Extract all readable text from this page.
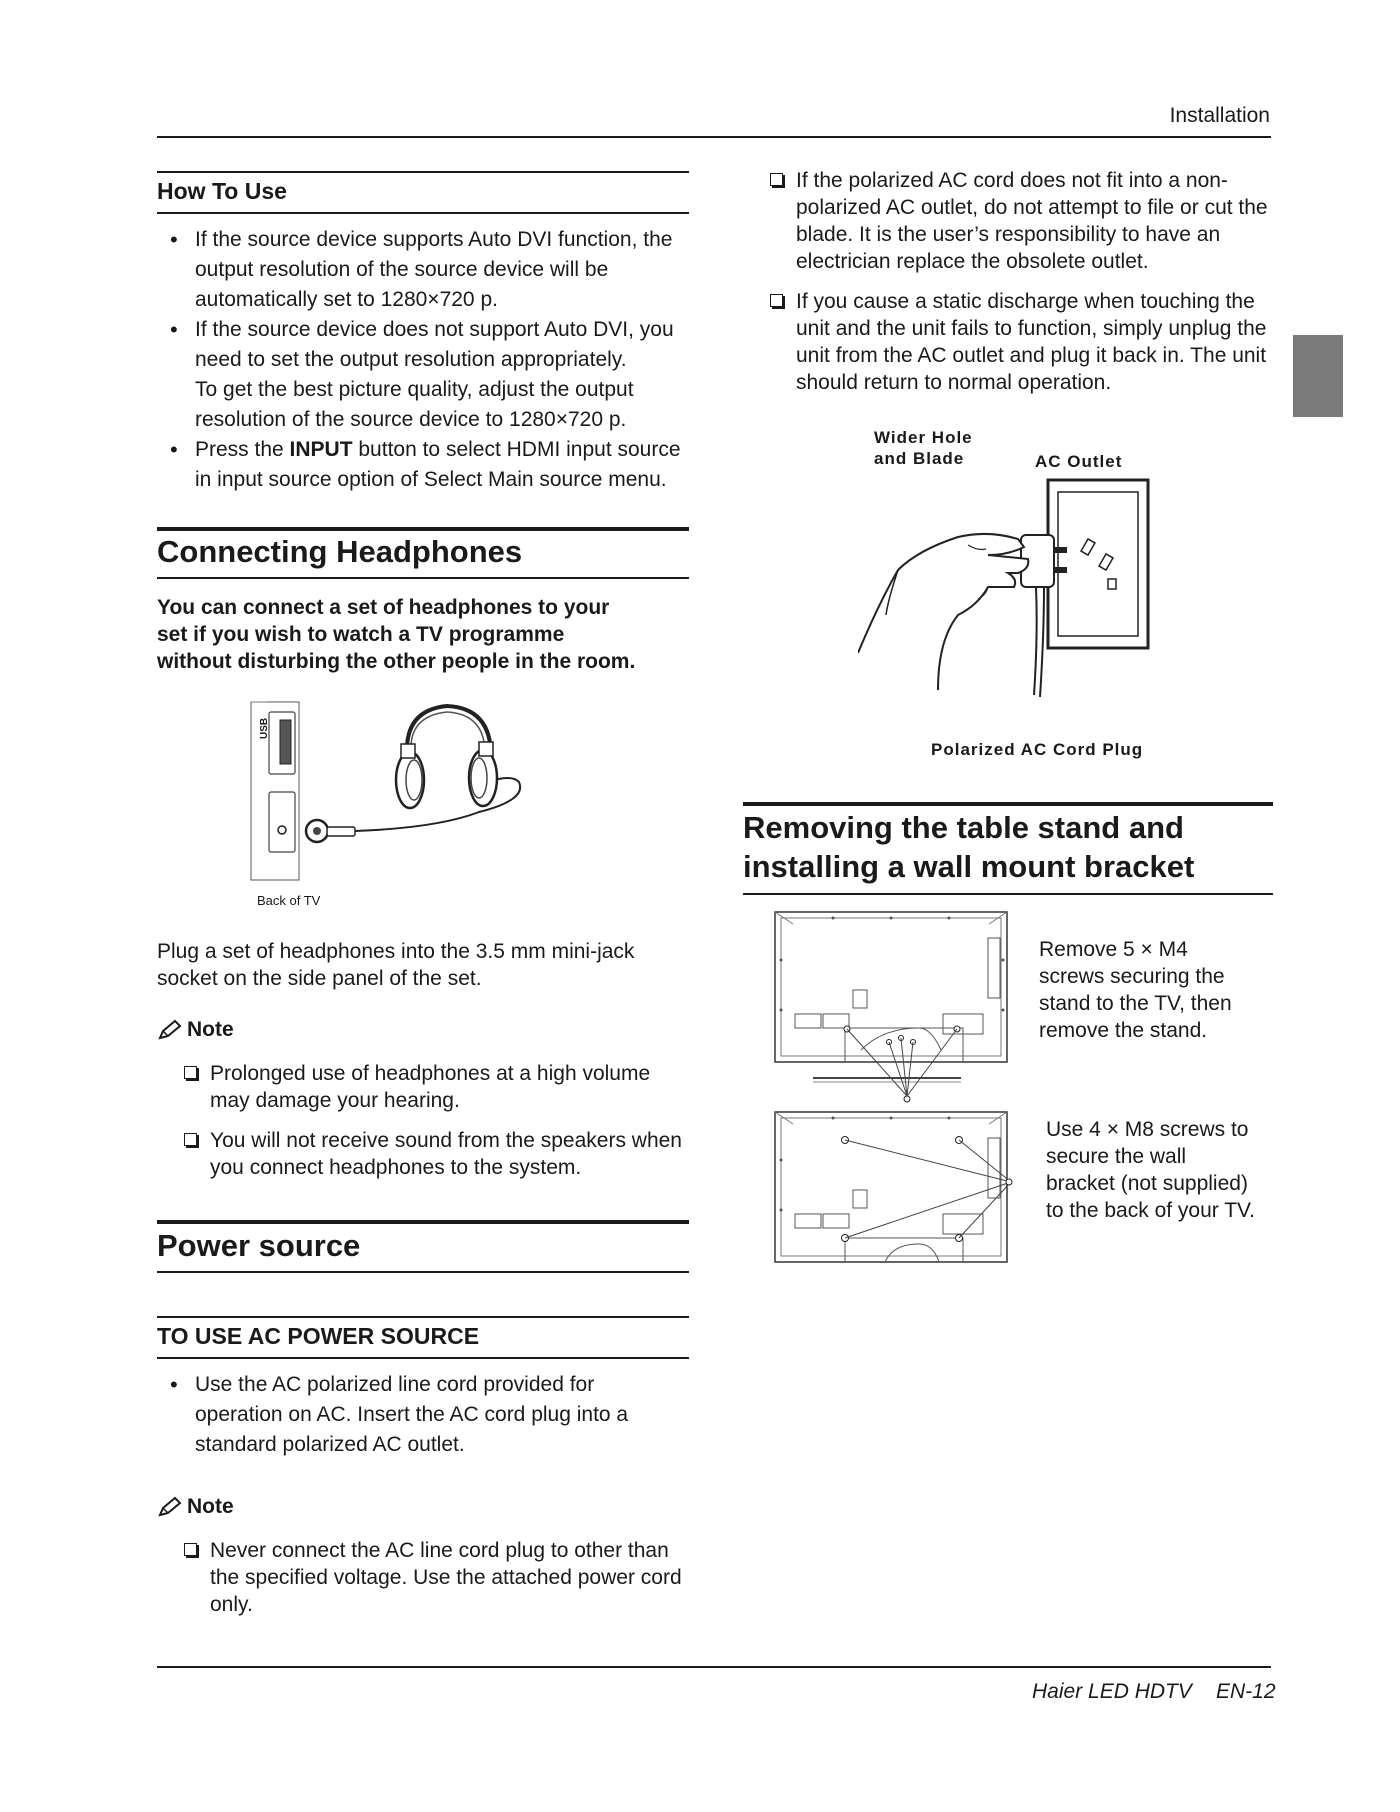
Installation
How To Use
• If the source device supports Auto DVI function, the output resolution of the source device will be automatically set to 1280×720 p.
• If the source device does not support Auto DVI, you need to set the output resolution appropriately.
To get the best picture quality, adjust the output resolution of the source device to 1280×720 p.
• Press the INPUT button to select HDMI input source in input source option of Select Main source menu.
Connecting Headphones
You can connect a set of headphones to your set if you wish to watch a TV programme without disturbing the other people in the room.
USB
Back of TV
Plug a set of headphones into the 3.5 mm mini-jack socket on the side panel of the set.
Note
Prolonged use of headphones at a high volume may damage your hearing.
You will not receive sound from the speakers when you connect headphones to the system.
Power source
TO USE AC POWER SOURCE
• Use the AC polarized line cord provided for operation on AC. Insert the AC cord plug into a standard polarized AC outlet.
Note
Never connect the AC line cord plug to other than the specified voltage. Use the attached power cord only.
If the polarized AC cord does not fit into a non-polarized AC outlet, do not attempt to file or cut the blade. It is the user’s responsibility to have an electrician replace the obsolete outlet.
If you cause a static discharge when touching the unit and the unit fails to function, simply unplug the unit from the AC outlet and plug it back in. The unit should return to normal operation.
Wider Hole
and Blade	AC Outlet
Polarized AC Cord Plug
Removing the table stand and
installing a wall mount bracket
Remove 5 × M4 screws securing the stand to the TV, then remove the stand.
Use 4 × M8 screws to secure the wall bracket (not supplied) to the back of your TV.
Haier LED HDTV EN-12
